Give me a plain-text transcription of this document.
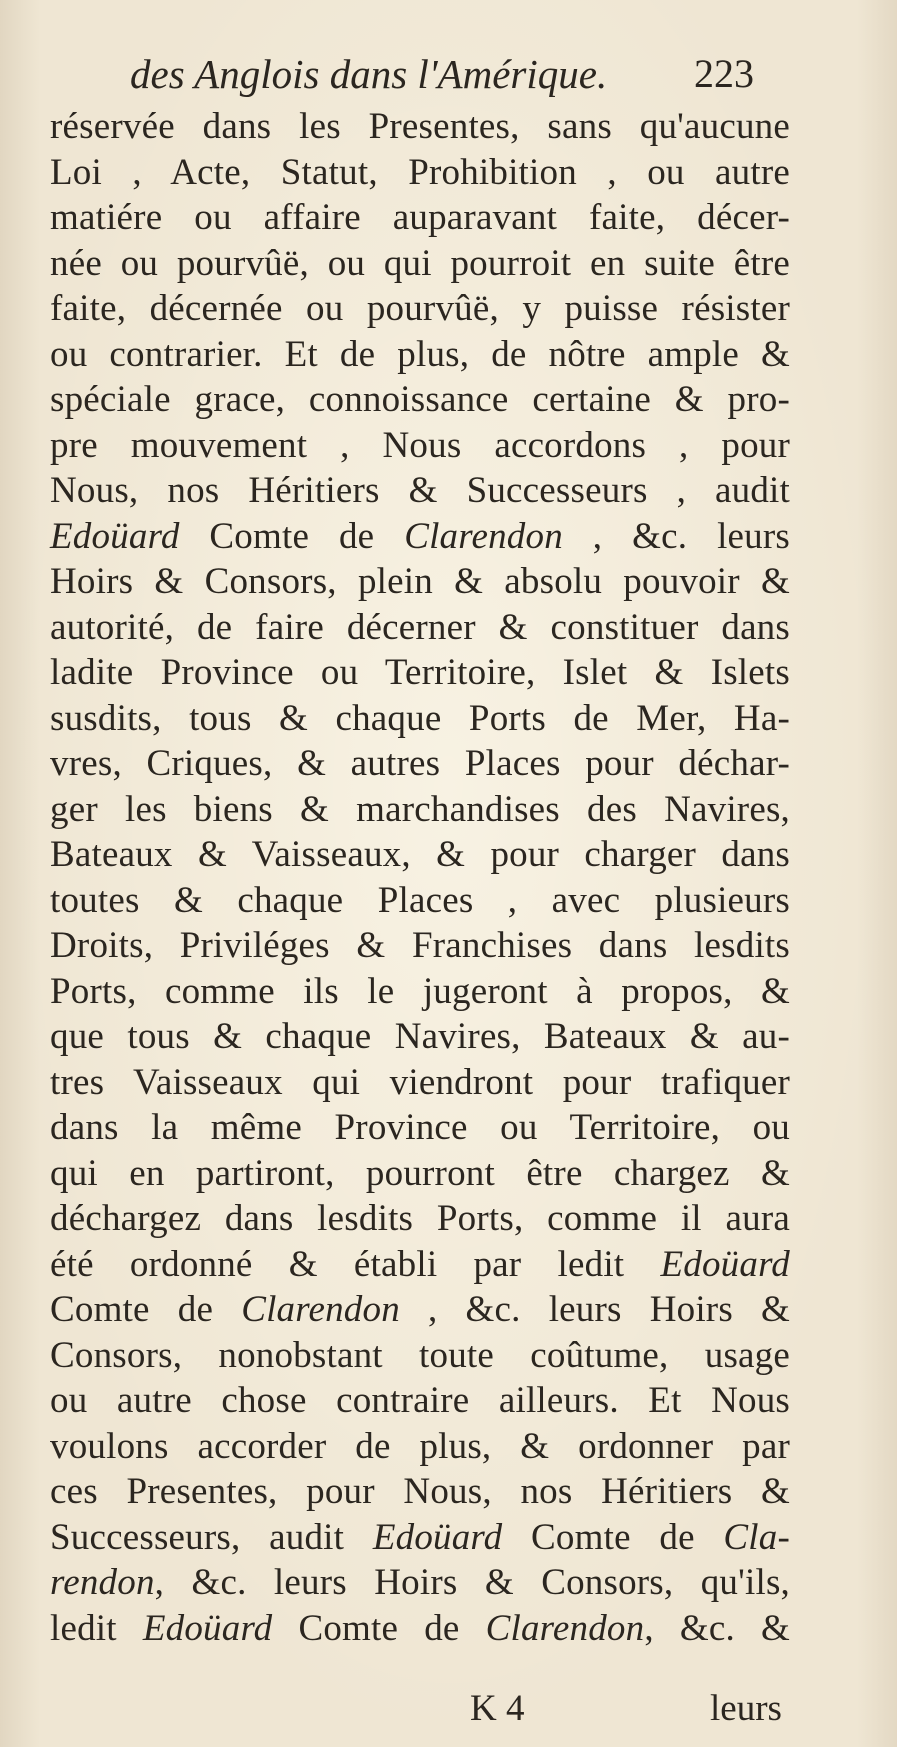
des Anglois dans l'Amérique. 223
réservée dans les Presentes, sans qu'aucune
Loi , Acte, Statut, Prohibition , ou autre
matiére ou affaire auparavant faite, décer-
née ou pourvûë, ou qui pourroit en suite être
faite, décernée ou pourvûë, y puisse résister
ou contrarier. Et de plus, de nôtre ample &
spéciale grace, connoissance certaine & pro-
pre mouvement , Nous accordons , pour
Nous, nos Héritiers & Successeurs , audit
Edoüard Comte de Clarendon , &c. leurs
Hoirs & Consors, plein & absolu pouvoir &
autorité, de faire décerner & constituer dans
ladite Province ou Territoire, Islet & Islets
susdits, tous & chaque Ports de Mer, Ha-
vres, Criques, & autres Places pour déchar-
ger les biens & marchandises des Navires,
Bateaux & Vaisseaux, & pour charger dans
toutes & chaque Places , avec plusieurs
Droits, Priviléges & Franchises dans lesdits
Ports, comme ils le jugeront à propos, &
que tous & chaque Navires, Bateaux & au-
tres Vaisseaux qui viendront pour trafiquer
dans la même Province ou Territoire, ou
qui en partiront, pourront être chargez &
déchargez dans lesdits Ports, comme il aura
été ordonné & établi par ledit Edoüard
Comte de Clarendon , &c. leurs Hoirs &
Consors, nonobstant toute coûtume, usage
ou autre chose contraire ailleurs. Et Nous
voulons accorder de plus, & ordonner par
ces Presentes, pour Nous, nos Héritiers &
Successeurs, audit Edoüard Comte de Cla-
rendon, &c. leurs Hoirs & Consors, qu'ils,
ledit Edoüard Comte de Clarendon, &c. &
K 4	leurs
